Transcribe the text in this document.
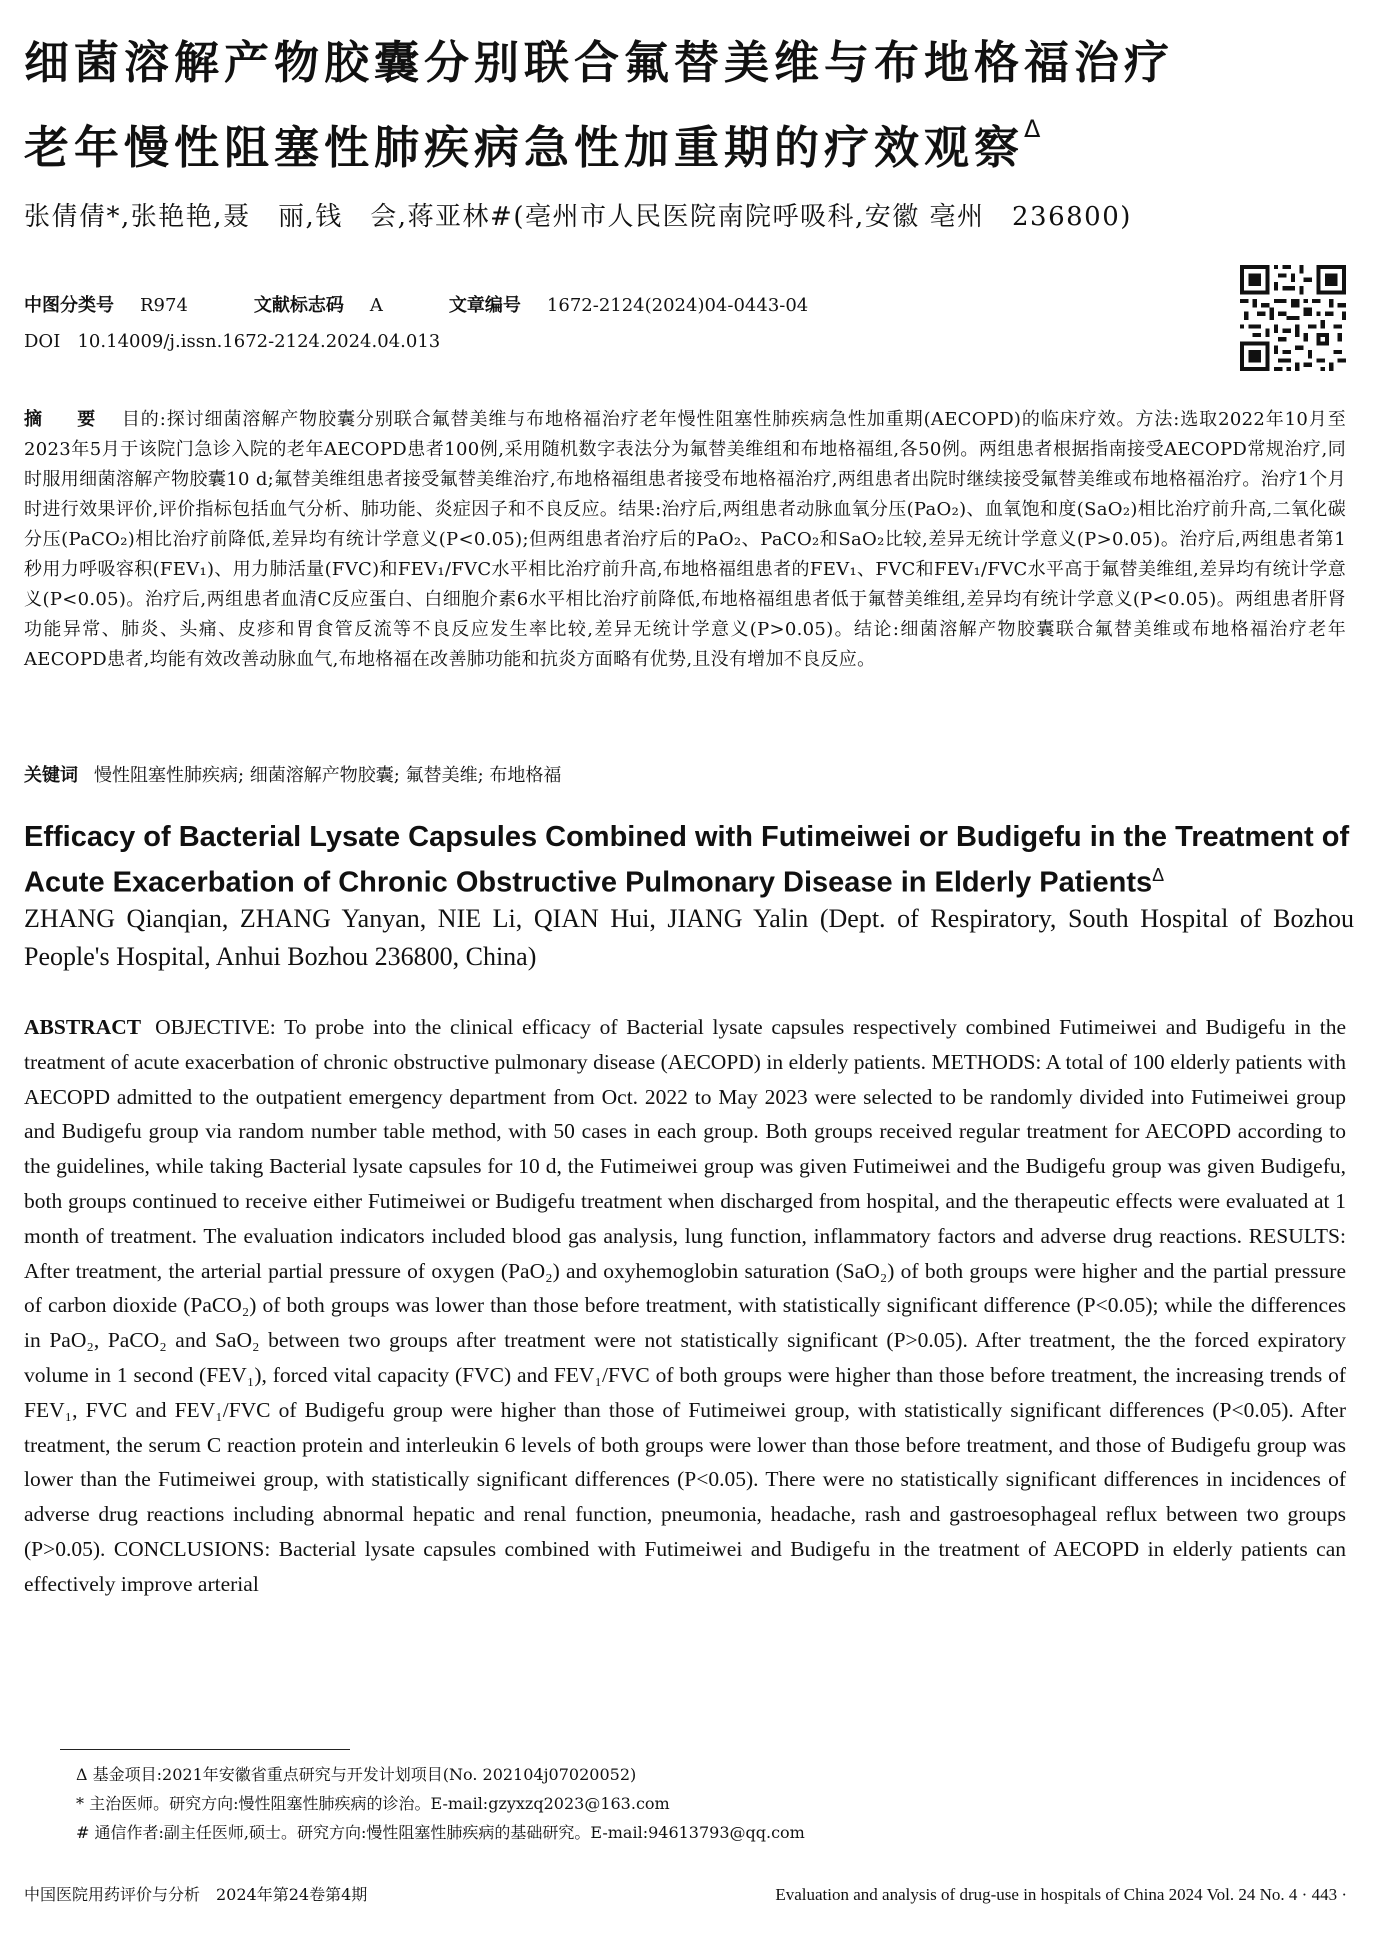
细菌溶解产物胶囊分别联合氟替美维与布地格福治疗
老年慢性阻塞性肺疾病急性加重期的疗效观察$^\Delta$

张倩倩*,张艳艳,聂　丽,钱　会,蒋亚林#(亳州市人民医院南院呼吸科,安徽 亳州　236800)

中图分类号 R974	文献标志码 A	文章编号 1672-2124(2024)04-0443-04

DOI 10.14009/j.issn.1672-2124.2024.04.013

摘　要 目的:探讨细菌溶解产物胶囊分别联合氟替美维与布地格福治疗老年慢性阻塞性肺疾病急性加重期(AECOPD)的临床疗效。方法:选取2022年10月至2023年5月于该院门急诊入院的老年AECOPD患者100例,采用随机数字表法分为氟替美维组和布地格福组,各50例。两组患者根据指南接受AECOPD常规治疗,同时服用细菌溶解产物胶囊10 d;氟替美维组患者接受氟替美维治疗,布地格福组患者接受布地格福治疗,两组患者出院时继续接受氟替美维或布地格福治疗。治疗1个月时进行效果评价,评价指标包括血气分析、肺功能、炎症因子和不良反应。结果:治疗后,两组患者动脉血氧分压(PaO₂)、血氧饱和度(SaO₂)相比治疗前升高,二氧化碳分压(PaCO₂)相比治疗前降低,差异均有统计学意义(P<0.05);但两组患者治疗后的PaO₂、PaCO₂和SaO₂比较,差异无统计学意义(P>0.05)。治疗后,两组患者第1秒用力呼吸容积(FEV₁)、用力肺活量(FVC)和FEV₁/FVC水平相比治疗前升高,布地格福组患者的FEV₁、FVC和FEV₁/FVC水平高于氟替美维组,差异均有统计学意义(P<0.05)。治疗后,两组患者血清C反应蛋白、白细胞介素6水平相比治疗前降低,布地格福组患者低于氟替美维组,差异均有统计学意义(P<0.05)。两组患者肝肾功能异常、肺炎、头痛、皮疹和胃食管反流等不良反应发生率比较,差异无统计学意义(P>0.05)。结论:细菌溶解产物胶囊联合氟替美维或布地格福治疗老年AECOPD患者,均能有效改善动脉血气,布地格福在改善肺功能和抗炎方面略有优势,且没有增加不良反应。

关键词 慢性阻塞性肺疾病; 细菌溶解产物胶囊; 氟替美维; 布地格福

Efficacy of Bacterial Lysate Capsules Combined with Futimeiwei or Budigefu in the Treatment of Acute Exacerbation of Chronic Obstructive Pulmonary Disease in Elderly Patients$^\Delta$

ZHANG Qianqian, ZHANG Yanyan, NIE Li, QIAN Hui, JIANG Yalin (Dept. of Respiratory, South Hospital of Bozhou People's Hospital, Anhui Bozhou 236800, China)

ABSTRACT OBJECTIVE: To probe into the clinical efficacy of Bacterial lysate capsules respectively combined Futimeiwei and Budigefu in the treatment of acute exacerbation of chronic obstructive pulmonary disease (AECOPD) in elderly patients. METHODS: A total of 100 elderly patients with AECOPD admitted to the outpatient emergency department from Oct. 2022 to May 2023 were selected to be randomly divided into Futimeiwei group and Budigefu group via random number table method, with 50 cases in each group. Both groups received regular treatment for AECOPD according to the guidelines, while taking Bacterial lysate capsules for 10 d, the Futimeiwei group was given Futimeiwei and the Budigefu group was given Budigefu, both groups continued to receive either Futimeiwei or Budigefu treatment when discharged from hospital, and the therapeutic effects were evaluated at 1 month of treatment. The evaluation indicators included blood gas analysis, lung function, inflammatory factors and adverse drug reactions. RESULTS: After treatment, the arterial partial pressure of oxygen (PaO₂) and oxyhemoglobin saturation (SaO₂) of both groups were higher and the partial pressure of carbon dioxide (PaCO₂) of both groups was lower than those before treatment, with statistically significant difference (P<0.05); while the differences in PaO₂, PaCO₂ and SaO₂ between two groups after treatment were not statistically significant (P>0.05). After treatment, the the forced expiratory volume in 1 second (FEV₁), forced vital capacity (FVC) and FEV₁/FVC of both groups were higher than those before treatment, the increasing trends of FEV₁, FVC and FEV₁/FVC of Budigefu group were higher than those of Futimeiwei group, with statistically significant differences (P<0.05). After treatment, the serum C reaction protein and interleukin 6 levels of both groups were lower than those before treatment, and those of Budigefu group was lower than the Futimeiwei group, with statistically significant differences (P<0.05). There were no statistically significant differences in incidences of adverse drug reactions including abnormal hepatic and renal function, pneumonia, headache, rash and gastroesophageal reflux between two groups (P>0.05). CONCLUSIONS: Bacterial lysate capsules combined with Futimeiwei and Budigefu in the treatment of AECOPD in elderly patients can effectively improve arterial

Δ 基金项目:2021年安徽省重点研究与开发计划项目(No. 202104j07020052)
* 主治医师。研究方向:慢性阻塞性肺疾病的诊治。E-mail:gzyxzq2023@163.com
# 通信作者:副主任医师,硕士。研究方向:慢性阻塞性肺疾病的基础研究。E-mail:94613793@qq.com
中国医院用药评价与分析　2024年第24卷第4期	Evaluation and analysis of drug-use in hospitals of China 2024 Vol. 24 No. 4 · 443 ·
